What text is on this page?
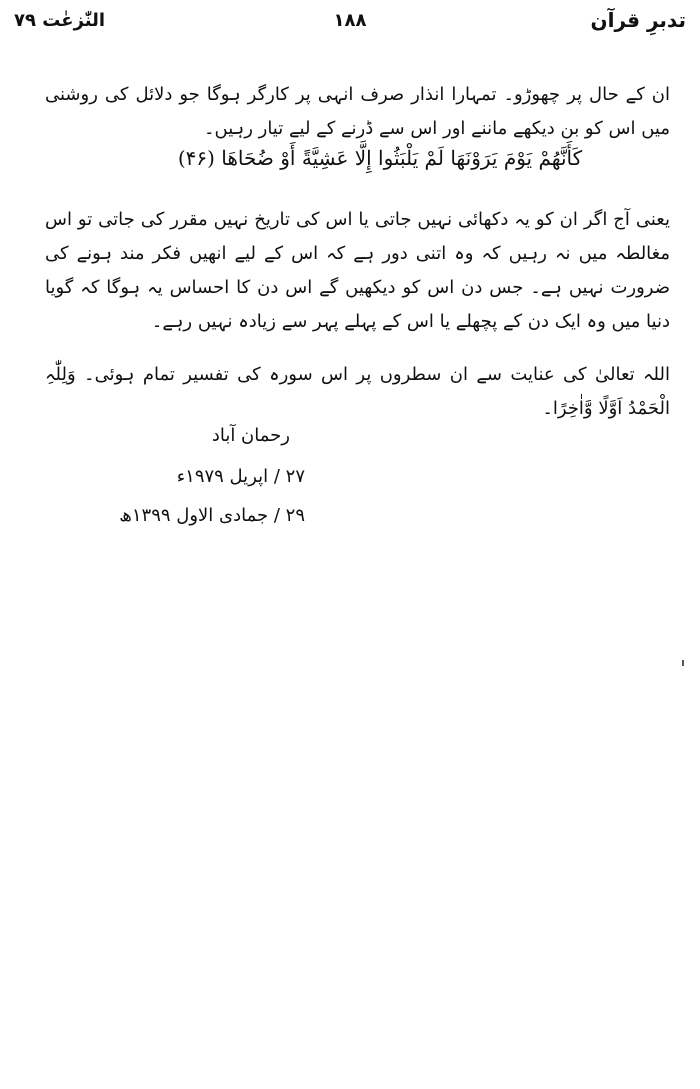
تدبرِ قرآن
۱۸۸
النّٰزعٰت ۷۹

ان کے حال پر چھوڑو۔ تمہارا انذار صرف انہی پر کارگر ہوگا جو دلائل کی روشنی میں اس کو بن دیکھے ماننے اور اس سے ڈرنے کے لیے تیار رہیں۔

كَأَنَّهُمْ يَوْمَ يَرَوْنَهَا لَمْ يَلْبَثُوا إِلَّا عَشِيَّةً أَوْ ضُحَاهَا (۴۶)

یعنی آج اگر ان کو یہ دکھائی نہیں جاتی یا اس کی تاریخ نہیں مقرر کی جاتی تو اس مغالطہ میں نہ رہیں کہ وہ اتنی دور ہے کہ اس کے لیے انھیں فکر مند ہونے کی ضرورت نہیں ہے۔ جس دن اس کو دیکھیں گے اس دن کا احساس یہ ہوگا کہ گویا دنیا میں وہ ایک دن کے پچھلے یا اس کے پہلے پہر سے زیادہ نہیں رہے۔

اللہ تعالیٰ کی عنایت سے ان سطروں پر اس سورہ کی تفسیر تمام ہوئی۔ وَلِلّٰہِ الْحَمْدُ اَوَّلًا وَّاٰخِرًا۔

رحمان آباد
۲۷ / اپریل ۱۹۷۹ء
۲۹ / جمادی الاول ۱۳۹۹ھ
